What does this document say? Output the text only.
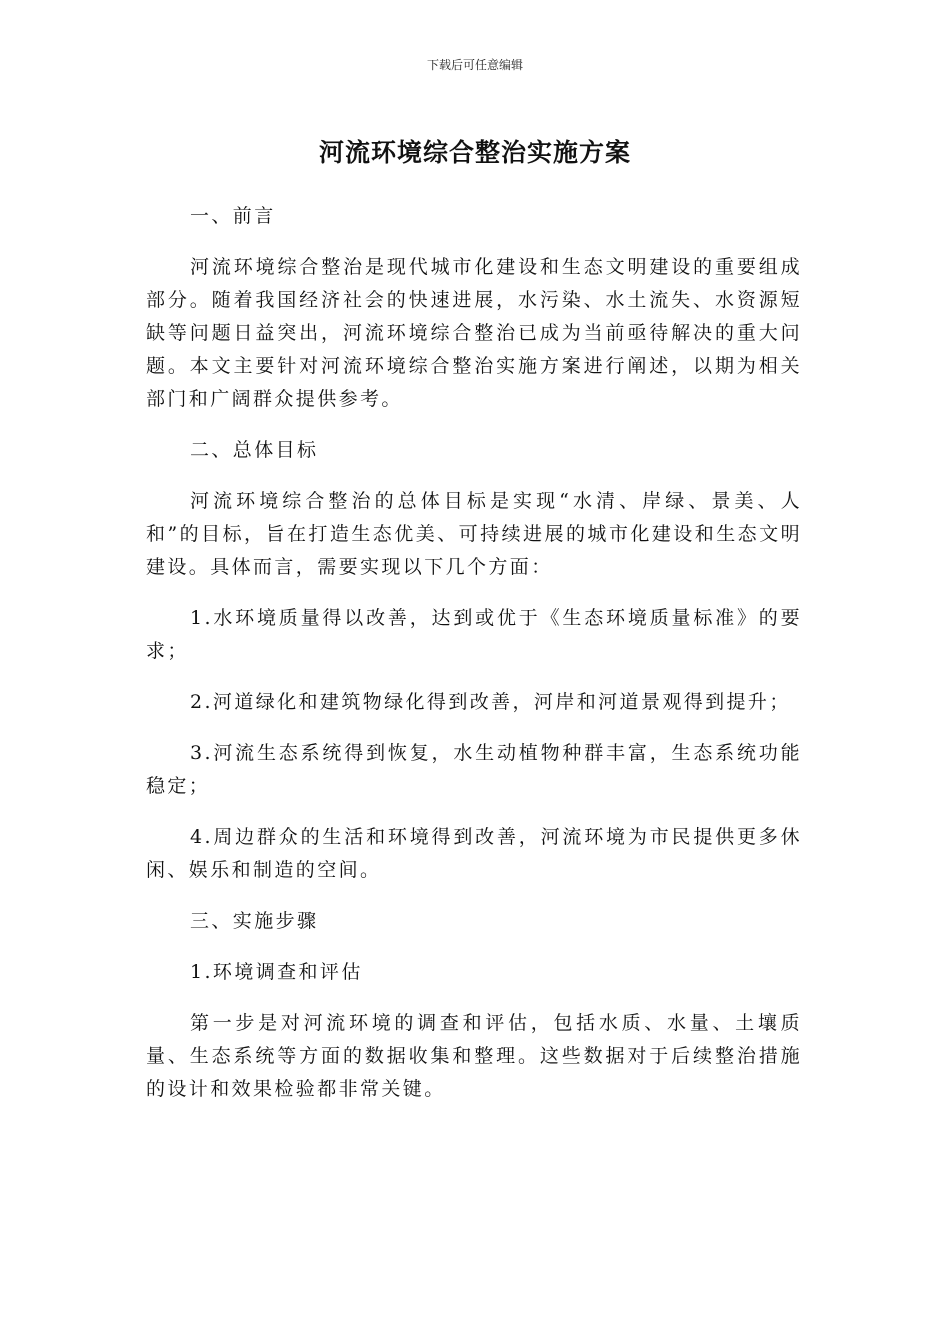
下载后可任意编辑
河流环境综合整治实施方案

一、前言

河流环境综合整治是现代城市化建设和生态文明建设的重要组成部分。随着我国经济社会的快速进展，水污染、水土流失、水资源短缺等问题日益突出，河流环境综合整治已成为当前亟待解决的重大问题。本文主要针对河流环境综合整治实施方案进行阐述，以期为相关部门和广阔群众提供参考。

二、总体目标

河流环境综合整治的总体目标是实现“水清、岸绿、景美、人和”的目标，旨在打造生态优美、可持续进展的城市化建设和生态文明建设。具体而言，需要实现以下几个方面：

1.水环境质量得以改善，达到或优于《生态环境质量标准》的要求；

2.河道绿化和建筑物绿化得到改善，河岸和河道景观得到提升；

3.河流生态系统得到恢复，水生动植物种群丰富，生态系统功能稳定；

4.周边群众的生活和环境得到改善，河流环境为市民提供更多休闲、娱乐和制造的空间。

三、实施步骤

1.环境调查和评估

第一步是对河流环境的调查和评估，包括水质、水量、土壤质量、生态系统等方面的数据收集和整理。这些数据对于后续整治措施的设计和效果检验都非常关键。
